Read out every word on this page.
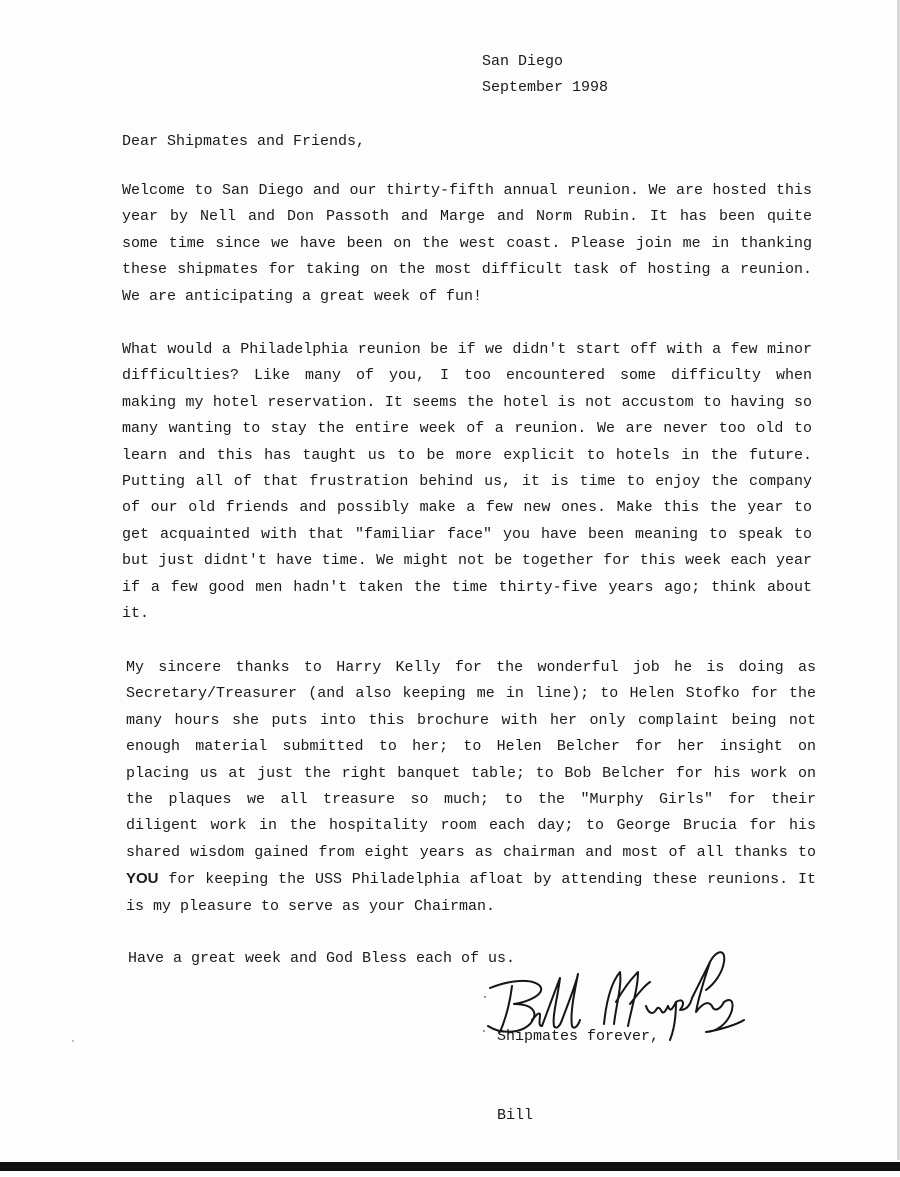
San Diego
September 1998
Dear Shipmates and Friends,
Welcome to San Diego and our thirty-fifth annual reunion. We are hosted this year by Nell and Don Passoth and Marge and Norm Rubin. It has been quite some time since we have been on the west coast. Please join me in thanking these shipmates for taking on the most difficult task of hosting a reunion. We are anticipating a great week of fun!
What would a Philadelphia reunion be if we didn't start off with a few minor difficulties? Like many of you, I too encountered some difficulty when making my hotel reservation. It seems the hotel is not accustom to having so many wanting to stay the entire week of a reunion. We are never too old to learn and this has taught us to be more explicit to hotels in the future. Putting all of that frustration behind us, it is time to enjoy the company of our old friends and possibly make a few new ones. Make this the year to get acquainted with that "familiar face" you have been meaning to speak to but just didnt't have time. We might not be together for this week each year if a few good men hadn't taken the time thirty-five years ago; think about it.
My sincere thanks to Harry Kelly for the wonderful job he is doing as Secretary/Treasurer (and also keeping me in line); to Helen Stofko for the many hours she puts into this brochure with her only complaint being not enough material submitted to her; to Helen Belcher for her insight on placing us at just the right banquet table; to Bob Belcher for his work on the plaques we all treasure so much; to the "Murphy Girls" for their diligent work in the hospitality room each day; to George Brucia for his shared wisdom gained from eight years as chairman and most of all thanks to YOU for keeping the USS Philadelphia afloat by attending these reunions. It is my pleasure to serve as your Chairman.
Have a great week and God Bless each of us.
Shipmates forever,
Bill
